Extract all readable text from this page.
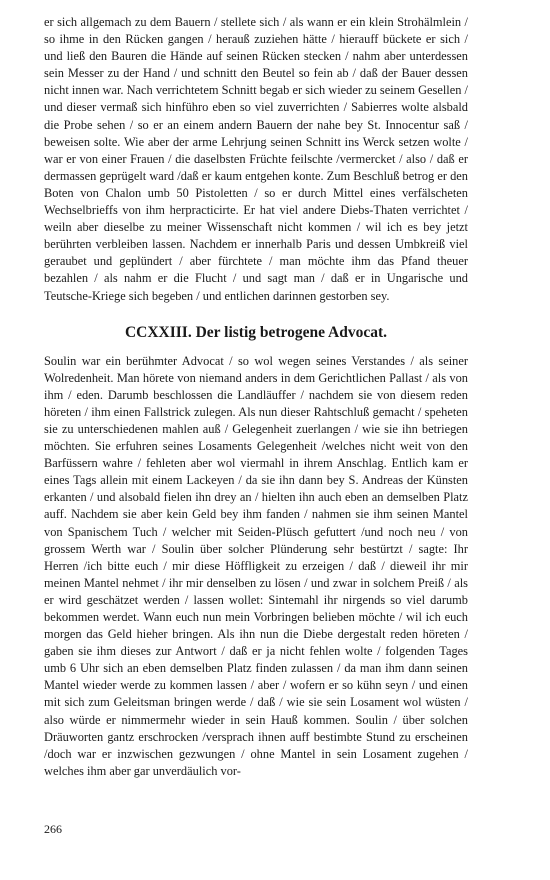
er sich allgemach zu dem Bauern / stellete sich / als wann er ein klein Strohälmlein / so ihme in den Rücken gangen / herauß zuziehen hätte / hierauff bückete er sich / und ließ den Bauren die Hände auf seinen Rücken stecken / nahm aber unterdessen sein Messer zu der Hand / und schnitt den Beutel so fein ab / daß der Bauer dessen nicht innen war. Nach verrichtetem Schnitt begab er sich wieder zu seinem Gesellen / und dieser vermaß sich hinführo eben so viel zuverrichten / Sabierres wolte alsbald die Probe sehen / so er an einem andern Bauern der nahe bey St. Innocentur saß / beweisen solte. Wie aber der arme Lehrjung seinen Schnitt ins Werck setzen wolte / war er von einer Frauen / die daselbsten Früchte feilschte /vermercket / also / daß er dermassen geprügelt ward /daß er kaum entgehen konte. Zum Beschluß betrog er den Boten von Chalon umb 50 Pistoletten / so er durch Mittel eines verfälscheten Wechselbrieffs von ihm herpracticirte. Er hat viel andere Diebs-Thaten verrichtet / weiln aber dieselbe zu meiner Wissenschaft nicht kommen / wil ich es bey jetzt berührten verbleiben lassen. Nachdem er innerhalb Paris und dessen Umbkreiß viel geraubet und geplündert / aber fürchtete / man möchte ihm das Pfand theuer bezahlen / als nahm er die Flucht / und sagt man / daß er in Ungarische und Teutsche-Kriege sich begeben / und entlichen darinnen gestorben sey.

CCXXIII. Der listig betrogene Advocat.

Soulin war ein berühmter Advocat / so wol wegen seines Verstandes / als seiner Wolredenheit. Man hörete von niemand anders in dem Gerichtlichen Pallast / als von ihm / eden. Darumb beschlossen die Landläuffer / nachdem sie von diesem reden höreten / ihm einen Fallstrick zulegen. Als nun dieser Rahtschluß gemacht / speheten sie zu unterschiedenen mahlen auß / Gelegenheit zuerlangen / wie sie ihn betriegen möchten. Sie erfuhren seines Losaments Gelegenheit /welches nicht weit von den Barfüssern wahre / fehleten aber wol viermahl in ihrem Anschlag. Entlich kam er eines Tags allein mit einem Lackeyen / da sie ihn dann bey S. Andreas der Künsten erkanten / und alsobald fielen ihn drey an / hielten ihn auch eben an demselben Platz auff. Nachdem sie aber kein Geld bey ihm fanden / nahmen sie ihm seinen Mantel von Spanischem Tuch / welcher mit Seiden-Plüsch gefuttert /und noch neu / von grossem Werth war / Soulin über solcher Plünderung sehr bestürtzt / sagte: Ihr Herren /ich bitte euch / mir diese Höffligkeit zu erzeigen / daß / dieweil ihr mir meinen Mantel nehmet / ihr mir denselben zu lösen / und zwar in solchem Preiß / als er wird geschätzet werden / lassen wollet: Sintemahl ihr nirgends so viel darumb bekommen werdet. Wann euch nun mein Vorbringen belieben möchte / wil ich euch morgen das Geld hieher bringen. Als ihn nun die Diebe dergestalt reden höreten / gaben sie ihm dieses zur Antwort / daß er ja nicht fehlen wolte / folgenden Tages umb 6 Uhr sich an eben demselben Platz finden zulassen / da man ihm dann seinen Mantel wieder werde zu kommen lassen / aber / wofern er so kühn seyn / und einen mit sich zum Geleitsman bringen werde / daß / wie sie sein Losament wol wüsten / also würde er nimmermehr wieder in sein Hauß kommen. Soulin / über solchen Dräuworten gantz erschrocken /versprach ihnen auff bestimbte Stund zu erscheinen /doch war er inzwischen gezwungen / ohne Mantel in sein Losament zugehen / welches ihm aber gar unverdäulich vor-

266
